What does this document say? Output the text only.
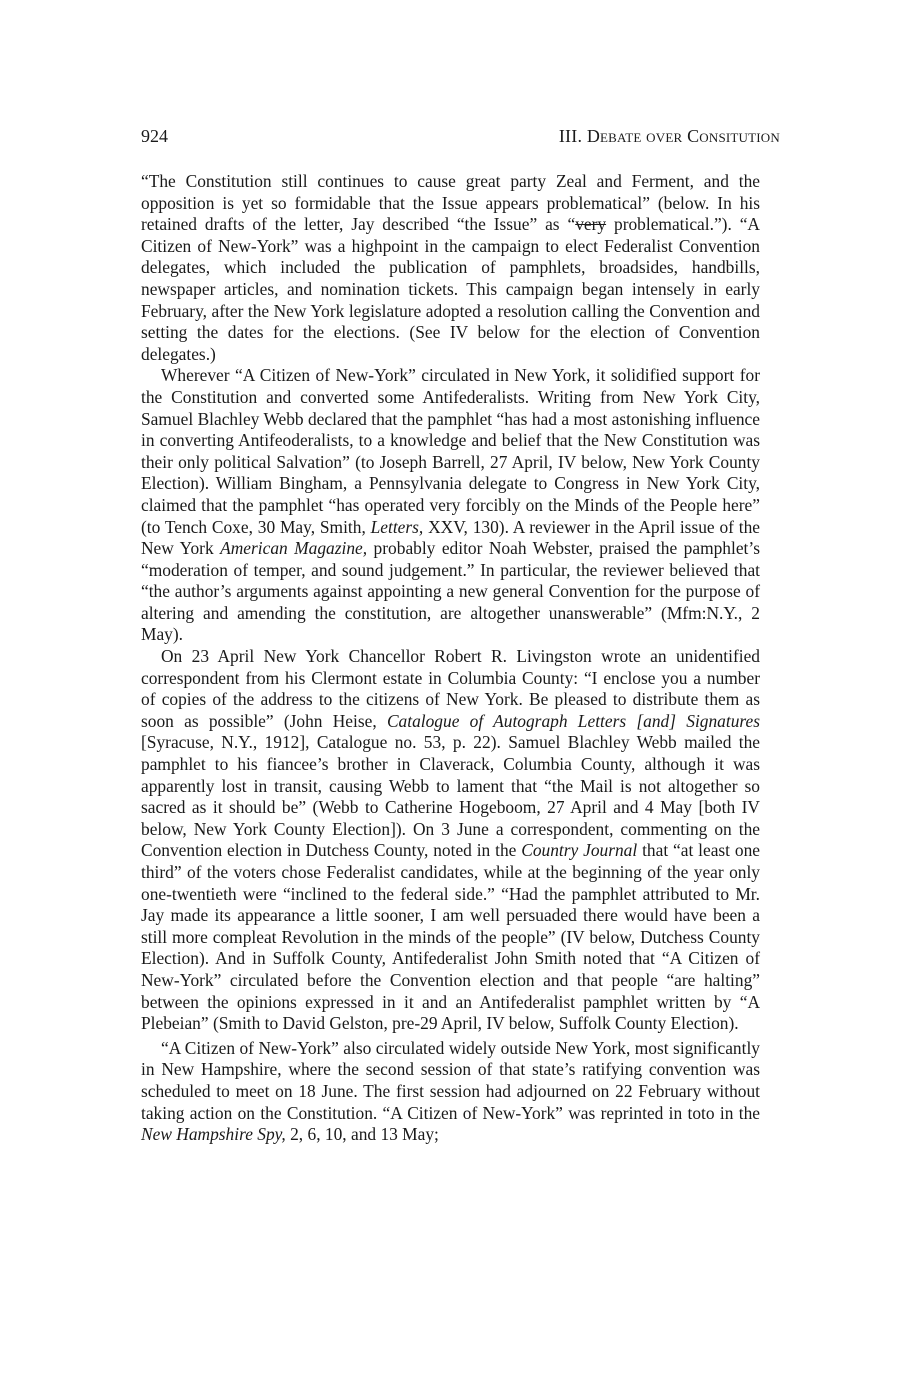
924	III. Debate over Consitution

“The Constitution still continues to cause great party Zeal and Ferment, and the opposition is yet so formidable that the Issue appears problematical” (below. In his retained drafts of the letter, Jay described “the Issue” as “very problematical.”). “A Citizen of New-York” was a highpoint in the campaign to elect Federalist Convention delegates, which included the publication of pamphlets, broadsides, handbills, newspaper articles, and nomination tickets. This campaign began intensely in early February, after the New York legislature adopted a resolution calling the Convention and setting the dates for the elections. (See IV below for the election of Convention delegates.)

Wherever “A Citizen of New-York” circulated in New York, it solidified support for the Constitution and converted some Antifederalists. Writing from New York City, Samuel Blachley Webb declared that the pamphlet “has had a most astonishing influence in converting Antifeoderalists, to a knowledge and belief that the New Constitution was their only political Salvation” (to Joseph Barrell, 27 April, IV below, New York County Election). William Bingham, a Pennsylvania delegate to Congress in New York City, claimed that the pamphlet “has operated very forcibly on the Minds of the People here” (to Tench Coxe, 30 May, Smith, Letters, XXV, 130). A reviewer in the April issue of the New York American Magazine, probably editor Noah Webster, praised the pamphlet’s “moderation of temper, and sound judgement.” In particular, the reviewer believed that “the author’s arguments against appointing a new general Convention for the purpose of altering and amending the constitution, are altogether unanswerable” (Mfm:N.Y., 2 May).

On 23 April New York Chancellor Robert R. Livingston wrote an unidentified correspondent from his Clermont estate in Columbia County: “I enclose you a number of copies of the address to the citizens of New York. Be pleased to distribute them as soon as possible” (John Heise, Catalogue of Autograph Letters [and] Signatures [Syracuse, N.Y., 1912], Catalogue no. 53, p. 22). Samuel Blachley Webb mailed the pamphlet to his fiancee’s brother in Claverack, Columbia County, although it was apparently lost in transit, causing Webb to lament that “the Mail is not altogether so sacred as it should be” (Webb to Catherine Hogeboom, 27 April and 4 May [both IV below, New York County Election]). On 3 June a correspondent, commenting on the Convention election in Dutchess County, noted in the Country Journal that “at least one third” of the voters chose Federalist candidates, while at the beginning of the year only one-twentieth were “inclined to the federal side.” “Had the pamphlet attributed to Mr. Jay made its appearance a little sooner, I am well persuaded there would have been a still more compleat Revolution in the minds of the people” (IV below, Dutchess County Election). And in Suffolk County, Antifederalist John Smith noted that “A Citizen of New-York” circulated before the Convention election and that people “are halting” between the opinions expressed in it and an Antifederalist pamphlet written by “A Plebeian” (Smith to David Gelston, pre-29 April, IV below, Suffolk County Election).

“A Citizen of New-York” also circulated widely outside New York, most significantly in New Hampshire, where the second session of that state’s ratifying convention was scheduled to meet on 18 June. The first session had adjourned on 22 February without taking action on the Constitution. “A Citizen of New-York” was reprinted in toto in the New Hampshire Spy, 2, 6, 10, and 13 May;
